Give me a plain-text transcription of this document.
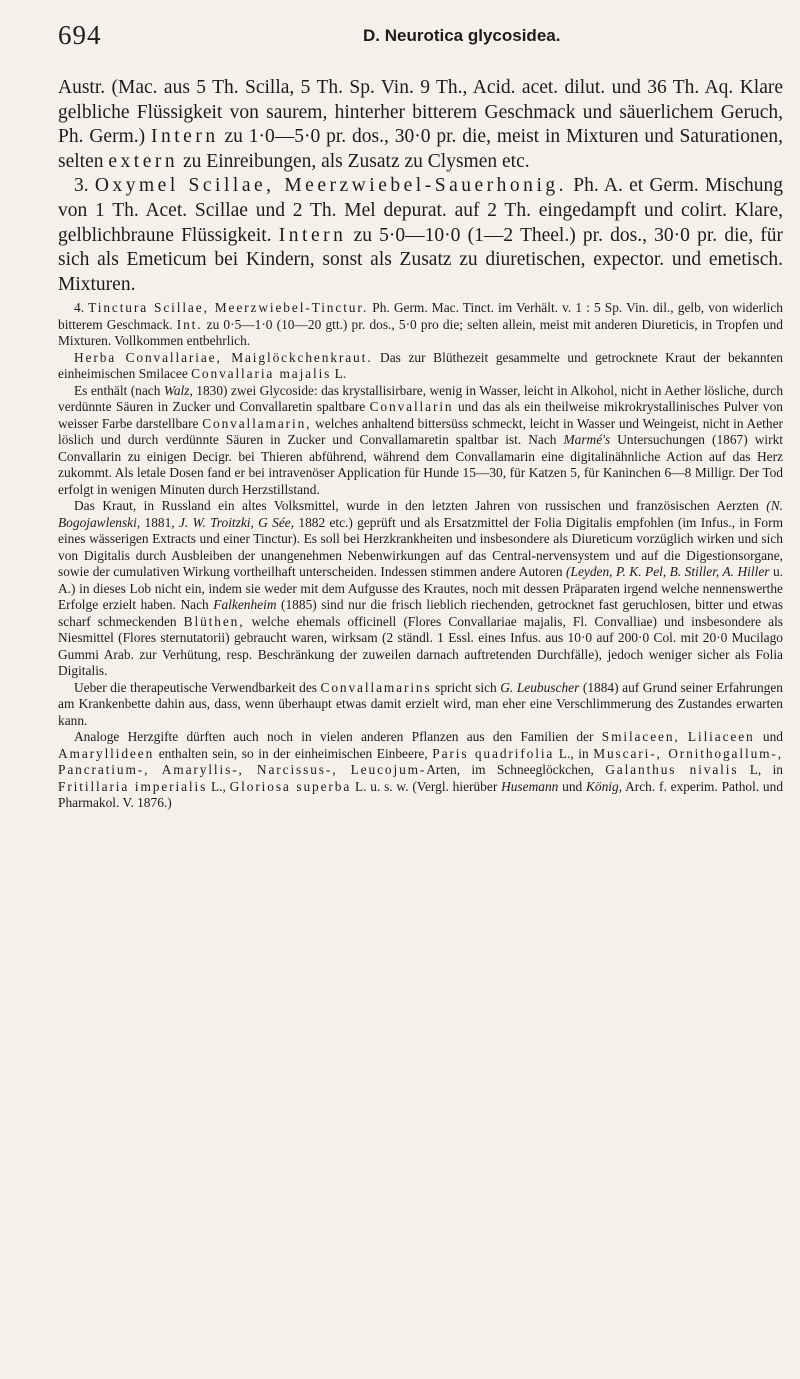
694	D. Neurotica glycosidea.

Austr. (Mac. aus 5 Th. Scilla, 5 Th. Sp. Vin. 9 Th., Acid. acet. dilut. und 36 Th. Aq. Klare gelbliche Flüssigkeit von saurem, hinterher bitterem Geschmack und säuerlichem Geruch, Ph. Germ.) Intern zu 1·0—5·0 pr. dos., 30·0 pr. die, meist in Mixturen und Saturationen, selten extern zu Einreibungen, als Zusatz zu Clysmen etc.

3. Oxymel Scillae, Meerzwiebel-Sauerhonig. Ph. A. et Germ. Mischung von 1 Th. Acet. Scillae und 2 Th. Mel depurat. auf 2 Th. eingedampft und colirt. Klare, gelblichbraune Flüssigkeit. Intern zu 5·0—10·0 (1—2 Theel.) pr. dos., 30·0 pr. die, für sich als Emeticum bei Kindern, sonst als Zusatz zu diuretischen, expector. und emetisch. Mixturen.

4. Tinctura Scillae, Meerzwiebel-Tinctur. Ph. Germ. Mac. Tinct. im Verhält. v. 1 : 5 Sp. Vin. dil., gelb, von widerlich bitterem Geschmack. Int. zu 0·5—1·0 (10—20 gtt.) pr. dos., 5·0 pro die; selten allein, meist mit anderen Diureticis, in Tropfen und Mixturen. Vollkommen entbehrlich.

Herba Convallariae, Maiglöckchenkraut. Das zur Blüthezeit gesammelte und getrocknete Kraut der bekannten einheimischen Smilacee Convallaria majalis L.

Es enthält (nach Walz, 1830) zwei Glycoside: das krystallisirbare, wenig in Wasser, leicht in Alkohol, nicht in Aether lösliche, durch verdünnte Säuren in Zucker und Convallaretin spaltbare Convallarin und das als ein theilweise mikrokrystallinisches Pulver von weisser Farbe darstellbare Convallamarin, welches anhaltend bittersüss schmeckt, leicht in Wasser und Weingeist, nicht in Aether löslich und durch verdünnte Säuren in Zucker und Convallamaretin spaltbar ist. Nach Marmé's Untersuchungen (1867) wirkt Convallarin zu einigen Decigr. bei Thieren abführend, während dem Convallamarin eine digitalinähnliche Action auf das Herz zukommt. Als letale Dosen fand er bei intravenöser Application für Hunde 15—30, für Katzen 5, für Kaninchen 6—8 Milligr. Der Tod erfolgt in wenigen Minuten durch Herzstillstand.

Das Kraut, in Russland ein altes Volksmittel, wurde in den letzten Jahren von russischen und französischen Aerzten (N. Bogojawlenski, 1881, J. W. Troitzki, G Sée, 1882 etc.) geprüft und als Ersatzmittel der Folia Digitalis empfohlen (im Infus., in Form eines wässerigen Extracts und einer Tinctur). Es soll bei Herzkrankheiten und insbesondere als Diureticum vorzüglich wirken und sich von Digitalis durch Ausbleiben der unangenehmen Nebenwirkungen auf das Central-nervensystem und auf die Digestionsorgane, sowie der cumulativen Wirkung vortheilhaft unterscheiden. Indessen stimmen andere Autoren (Leyden, P. K. Pel, B. Stiller, A. Hiller u. A.) in dieses Lob nicht ein, indem sie weder mit dem Aufgusse des Krautes, noch mit dessen Präparaten irgend welche nennenswerthe Erfolge erzielt haben. Nach Falkenheim (1885) sind nur die frisch lieblich riechenden, getrocknet fast geruchlosen, bitter und etwas scharf schmeckenden Blüthen, welche ehemals officinell (Flores Convallariae majalis, Fl. Convalliae) und insbesondere als Niesmittel (Flores sternutatorii) gebraucht waren, wirksam (2 ständl. 1 Essl. eines Infus. aus 10·0 auf 200·0 Col. mit 20·0 Mucilago Gummi Arab. zur Verhütung, resp. Beschränkung der zuweilen darnach auftretenden Durchfälle), jedoch weniger sicher als Folia Digitalis.

Ueber die therapeutische Verwendbarkeit des Convallamarins spricht sich G. Leubuscher (1884) auf Grund seiner Erfahrungen am Krankenbette dahin aus, dass, wenn überhaupt etwas damit erzielt wird, man eher eine Verschlimmerung des Zustandes erwarten kann.

Analoge Herzgifte dürften auch noch in vielen anderen Pflanzen aus den Familien der Smilaceen, Liliaceen und Amaryllideen enthalten sein, so in der einheimischen Einbeere, Paris quadrifolia L., in Muscari-, Ornithogallum-, Pancratium-, Amaryllis-, Narcissus-, Leucojum-Arten, im Schneeglöckchen, Galanthus nivalis L, in Fritillaria imperialis L., Gloriosa superba L. u. s. w. (Vergl. hierüber Husemann und König, Arch. f. experim. Pathol. und Pharmakol. V. 1876.)
